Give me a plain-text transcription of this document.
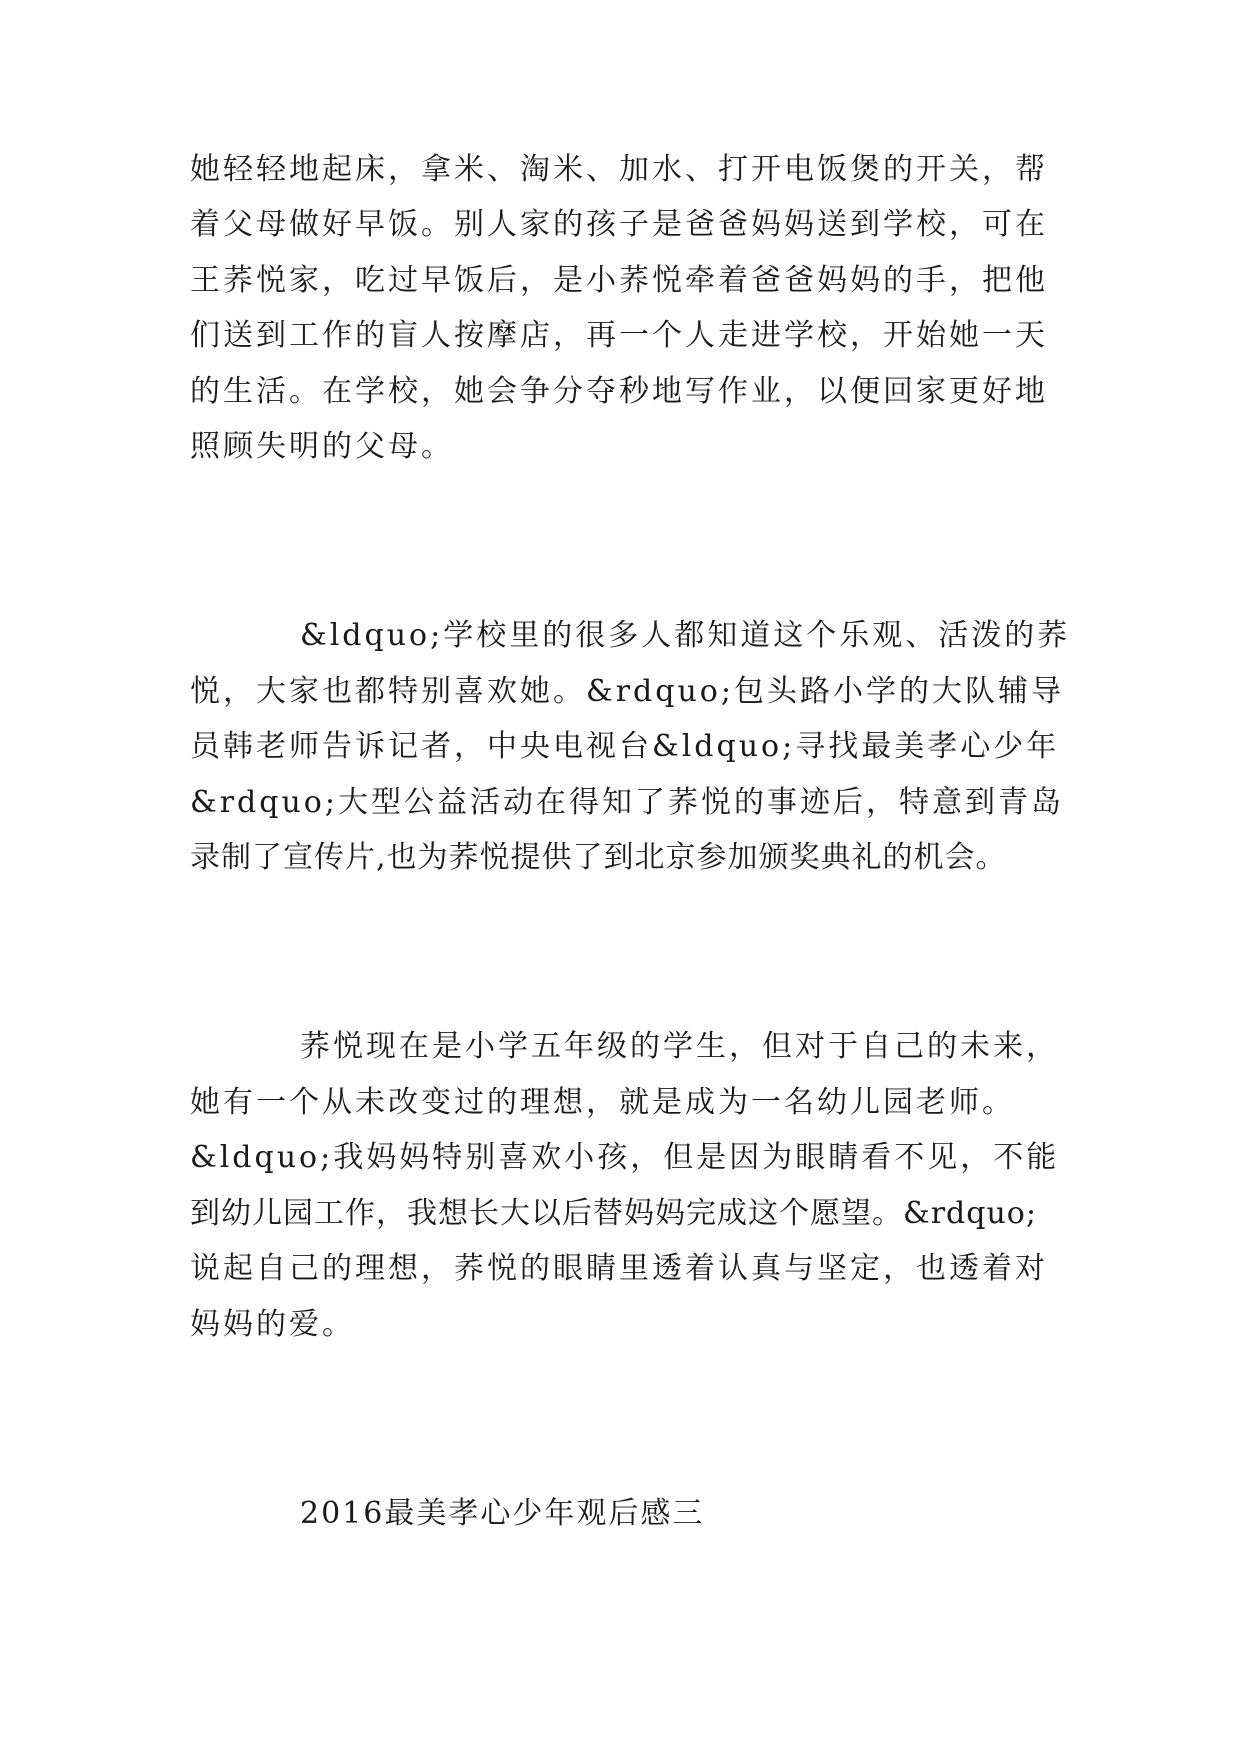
她轻轻地起床，拿米、淘米、加水、打开电饭煲的开关，帮
着父母做好早饭。别人家的孩子是爸爸妈妈送到学校，可在
王荞悦家，吃过早饭后，是小荞悦牵着爸爸妈妈的手，把他
们送到工作的盲人按摩店，再一个人走进学校，开始她一天
的生活。在学校，她会争分夺秒地写作业，以便回家更好地
照顾失明的父母。
&ldquo;学校里的很多人都知道这个乐观、活泼的荞
悦，大家也都特别喜欢她。&rdquo;包头路小学的大队辅导
员韩老师告诉记者，中央电视台&ldquo;寻找最美孝心少年
&rdquo;大型公益活动在得知了荞悦的事迹后，特意到青岛
录制了宣传片,也为荞悦提供了到北京参加颁奖典礼的机会。
荞悦现在是小学五年级的学生，但对于自己的未来，
她有一个从未改变过的理想，就是成为一名幼儿园老师。
&ldquo;我妈妈特别喜欢小孩，但是因为眼睛看不见，不能
到幼儿园工作，我想长大以后替妈妈完成这个愿望。&rdquo;
说起自己的理想，荞悦的眼睛里透着认真与坚定，也透着对
妈妈的爱。
2016最美孝心少年观后感三
